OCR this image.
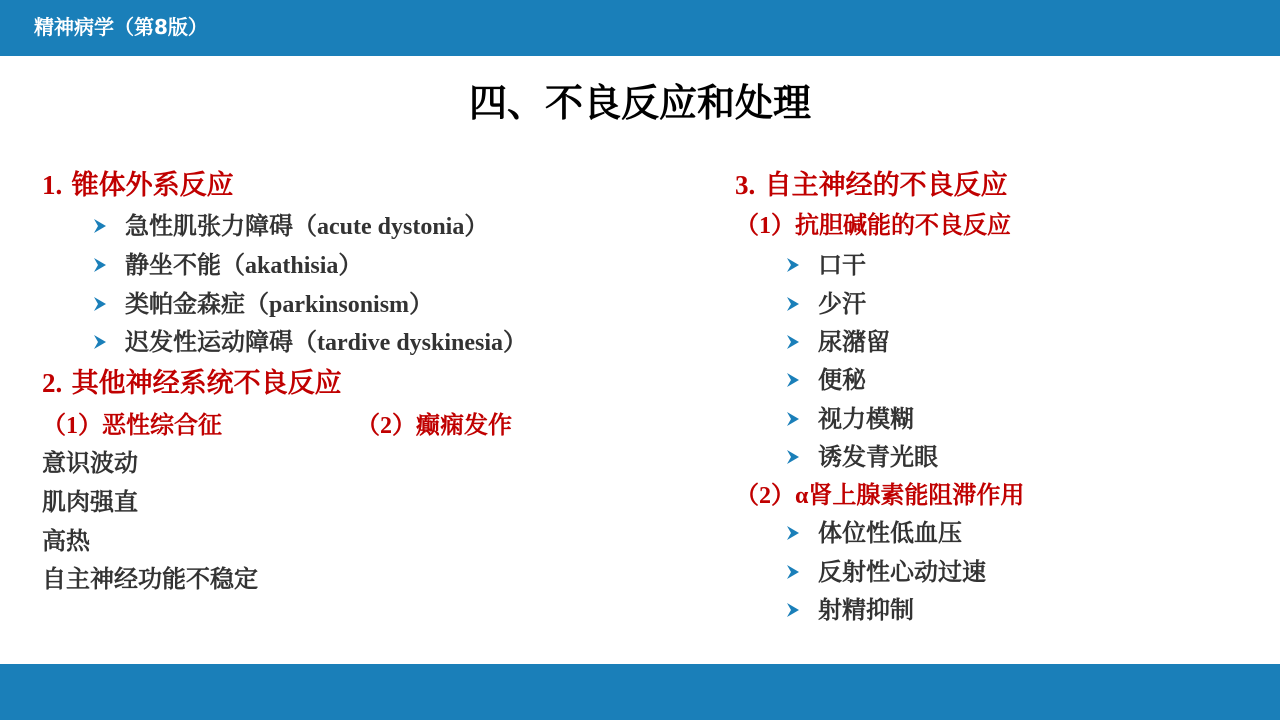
精神病学（第8版）
四、不良反应和处理
1. 锥体外系反应
急性肌张力障碍（acute dystonia）
静坐不能（akathisia）
类帕金森症（parkinsonism）
迟发性运动障碍（tardive dyskinesia）
2. 其他神经系统不良反应
（1）恶性综合征	（2）癫痫发作
意识波动
肌肉强直
高热
自主神经功能不稳定
3. 自主神经的不良反应
（1）抗胆碱能的不良反应
口干
少汗
尿潴留
便秘
视力模糊
诱发青光眼
（2）α肾上腺素能阻滞作用
体位性低血压
反射性心动过速
射精抑制
